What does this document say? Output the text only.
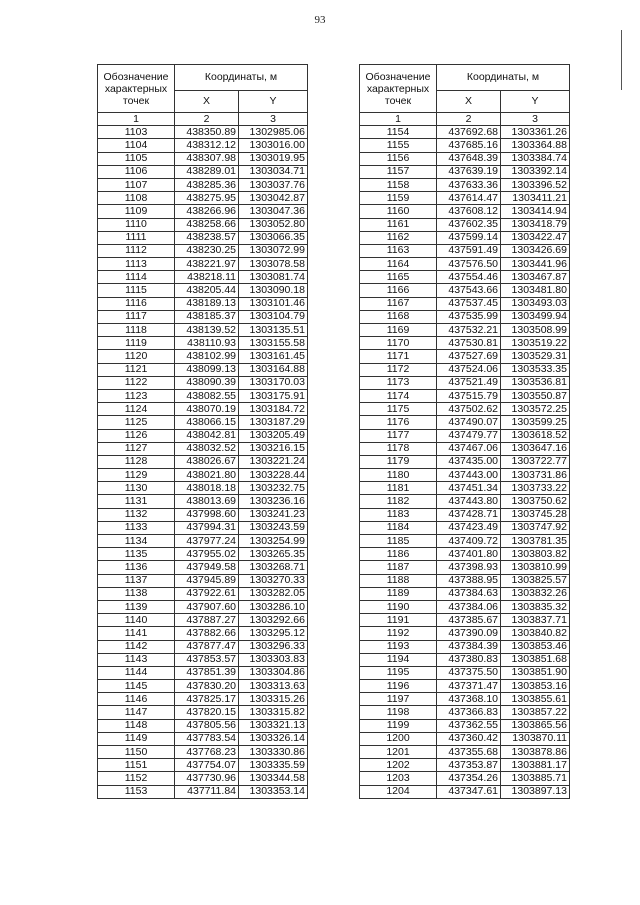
93
Обозначение характерных точек	Координаты, м	
	X	Y
1	2	3
1103	438350.89	1302985.06
1104	438312.12	1303016.00
1105	438307.98	1303019.95
1106	438289.01	1303034.71
1107	438285.36	1303037.76
1108	438275.95	1303042.87
1109	438266.96	1303047.36
1110	438258.66	1303052.80
1111	438238.57	1303066.35
1112	438230.25	1303072.99
1113	438221.97	1303078.58
1114	438218.11	1303081.74
1115	438205.44	1303090.18
1116	438189.13	1303101.46
1117	438185.37	1303104.79
1118	438139.52	1303135.51
1119	438110.93	1303155.58
1120	438102.99	1303161.45
1121	438099.13	1303164.88
1122	438090.39	1303170.03
1123	438082.55	1303175.91
1124	438070.19	1303184.72
1125	438066.15	1303187.29
1126	438042.81	1303205.49
1127	438032.52	1303216.15
1128	438026.67	1303221.24
1129	438021.80	1303228.44
1130	438018.18	1303232.75
1131	438013.69	1303236.16
1132	437998.60	1303241.23
1133	437994.31	1303243.59
1134	437977.24	1303254.99
1135	437955.02	1303265.35
1136	437949.58	1303268.71
1137	437945.89	1303270.33
1138	437922.61	1303282.05
1139	437907.60	1303286.10
1140	437887.27	1303292.66
1141	437882.66	1303295.12
1142	437877.47	1303296.33
1143	437853.57	1303303.83
1144	437851.39	1303304.86
1145	437830.20	1303313.63
1146	437825.17	1303315.26
1147	437820.15	1303315.82
1148	437805.56	1303321.13
1149	437783.54	1303326.14
1150	437768.23	1303330.86
1151	437754.07	1303335.59
1152	437730.96	1303344.58
1153	437711.84	1303353.14
Обозначение характерных точек	Координаты, м	
	X	Y
1	2	3
1154	437692.68	1303361.26
1155	437685.16	1303364.88
1156	437648.39	1303384.74
1157	437639.19	1303392.14
1158	437633.36	1303396.52
1159	437614.47	1303411.21
1160	437608.12	1303414.94
1161	437602.35	1303418.79
1162	437599.14	1303422.47
1163	437591.49	1303426.69
1164	437576.50	1303441.96
1165	437554.46	1303467.87
1166	437543.66	1303481.80
1167	437537.45	1303493.03
1168	437535.99	1303499.94
1169	437532.21	1303508.99
1170	437530.81	1303519.22
1171	437527.69	1303529.31
1172	437524.06	1303533.35
1173	437521.49	1303536.81
1174	437515.79	1303550.87
1175	437502.62	1303572.25
1176	437490.07	1303599.25
1177	437479.77	1303618.52
1178	437467.06	1303647.16
1179	437435.00	1303722.77
1180	437443.00	1303731.86
1181	437451.34	1303733.22
1182	437443.80	1303750.62
1183	437428.71	1303745.28
1184	437423.49	1303747.92
1185	437409.72	1303781.35
1186	437401.80	1303803.82
1187	437398.93	1303810.99
1188	437388.95	1303825.57
1189	437384.63	1303832.26
1190	437384.06	1303835.32
1191	437385.67	1303837.71
1192	437390.09	1303840.82
1193	437384.39	1303853.46
1194	437380.83	1303851.68
1195	437375.50	1303851.90
1196	437371.47	1303853.16
1197	437368.10	1303855.61
1198	437366.83	1303857.22
1199	437362.55	1303865.56
1200	437360.42	1303870.11
1201	437355.68	1303878.86
1202	437353.87	1303881.17
1203	437354.26	1303885.71
1204	437347.61	1303897.13
